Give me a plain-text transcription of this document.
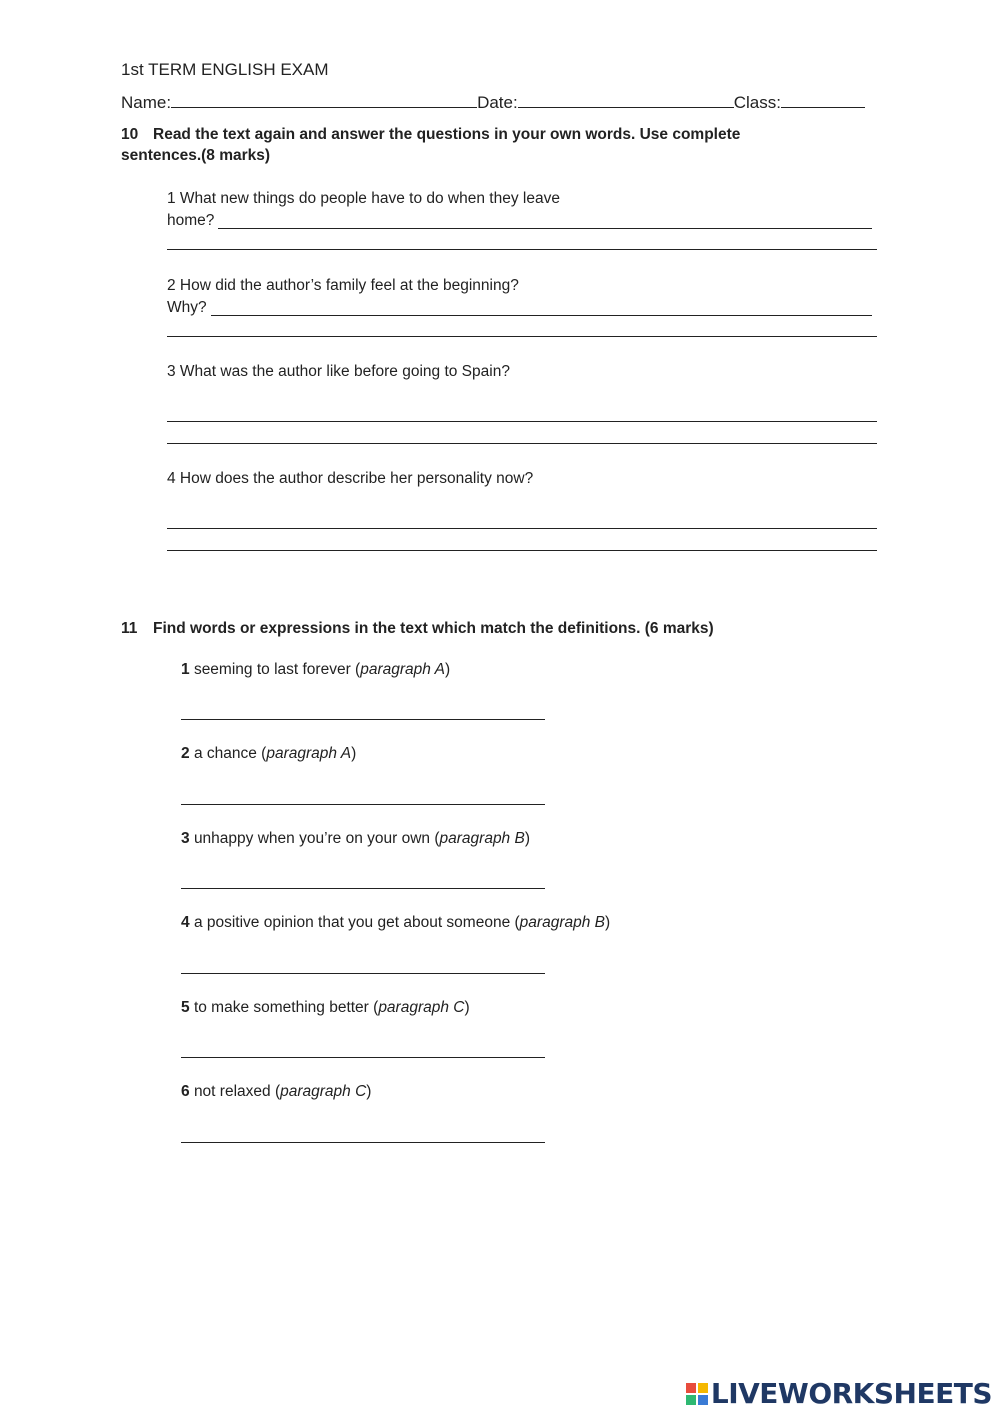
1st TERM ENGLISH EXAM
Name:	Date:	Class:
10 Read the text again and answer the questions in your own words. Use complete
sentences.(8 marks)
1 What new things do people have to do when they leave
home?
2 How did the author’s family feel at the beginning?
Why?
3 What was the author like before going to Spain?
4 How does the author describe her personality now?
11 Find words or expressions in the text which match the definitions. (6 marks)
1 seeming to last forever (paragraph A)
2 a chance (paragraph A)
3 unhappy when you’re on your own (paragraph B)
4 a positive opinion that you get about someone (paragraph B)
5 to make something better (paragraph C)
6 not relaxed (paragraph C)
LIVEWORKSHEETS
